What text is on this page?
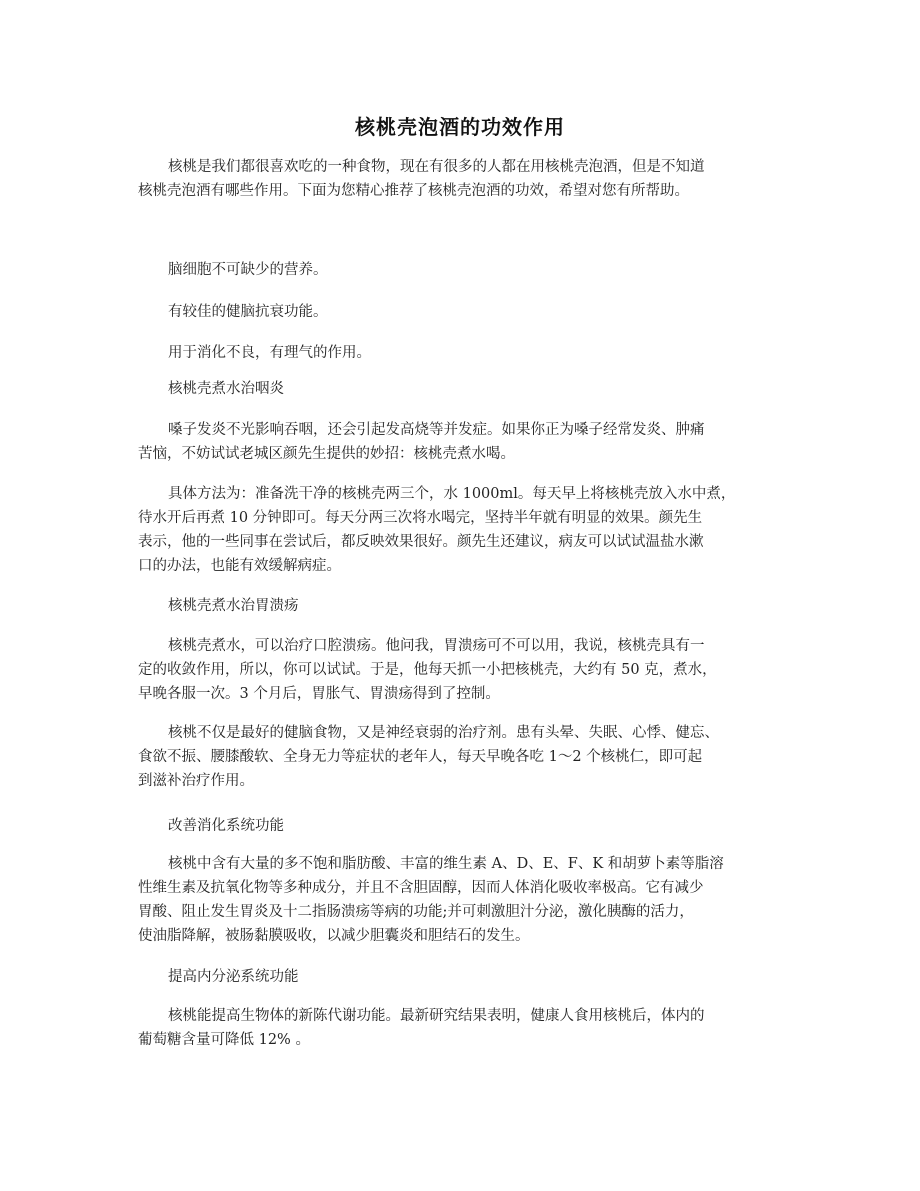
核桃壳泡酒的功效作用

核桃是我们都很喜欢吃的一种食物，现在有很多的人都在用核桃壳泡酒，但是不知道
核桃壳泡酒有哪些作用。下面为您精心推荐了核桃壳泡酒的功效，希望对您有所帮助。

脑细胞不可缺少的营养。

有较佳的健脑抗衰功能。

用于消化不良，有理气的作用。

核桃壳煮水治咽炎

嗓子发炎不光影响吞咽，还会引起发高烧等并发症。如果你正为嗓子经常发炎、肿痛
苦恼，不妨试试老城区颜先生提供的妙招：核桃壳煮水喝。

具体方法为：准备洗干净的核桃壳两三个，水 1000ml。每天早上将核桃壳放入水中煮，
待水开后再煮 10 分钟即可。每天分两三次将水喝完，坚持半年就有明显的效果。颜先生
表示，他的一些同事在尝试后，都反映效果很好。颜先生还建议，病友可以试试温盐水漱
口的办法，也能有效缓解病症。

核桃壳煮水治胃溃疡

核桃壳煮水，可以治疗口腔溃疡。他问我，胃溃疡可不可以用，我说，核桃壳具有一
定的收敛作用，所以，你可以试试。于是，他每天抓一小把核桃壳，大约有 50 克，煮水，
早晚各服一次。3 个月后，胃胀气、胃溃疡得到了控制。

核桃不仅是最好的健脑食物，又是神经衰弱的治疗剂。患有头晕、失眠、心悸、健忘、
食欲不振、腰膝酸软、全身无力等症状的老年人，每天早晚各吃 1～2 个核桃仁，即可起
到滋补治疗作用。

改善消化系统功能

核桃中含有大量的多不饱和脂肪酸、丰富的维生素 A、D、E、F、K 和胡萝卜素等脂溶
性维生素及抗氧化物等多种成分，并且不含胆固醇，因而人体消化吸收率极高。它有减少
胃酸、阻止发生胃炎及十二指肠溃疡等病的功能;并可刺激胆汁分泌，激化胰酶的活力，
使油脂降解，被肠黏膜吸收，以减少胆囊炎和胆结石的发生。

提高内分泌系统功能

核桃能提高生物体的新陈代谢功能。最新研究结果表明，健康人食用核桃后，体内的
葡萄糖含量可降低 12% 。
